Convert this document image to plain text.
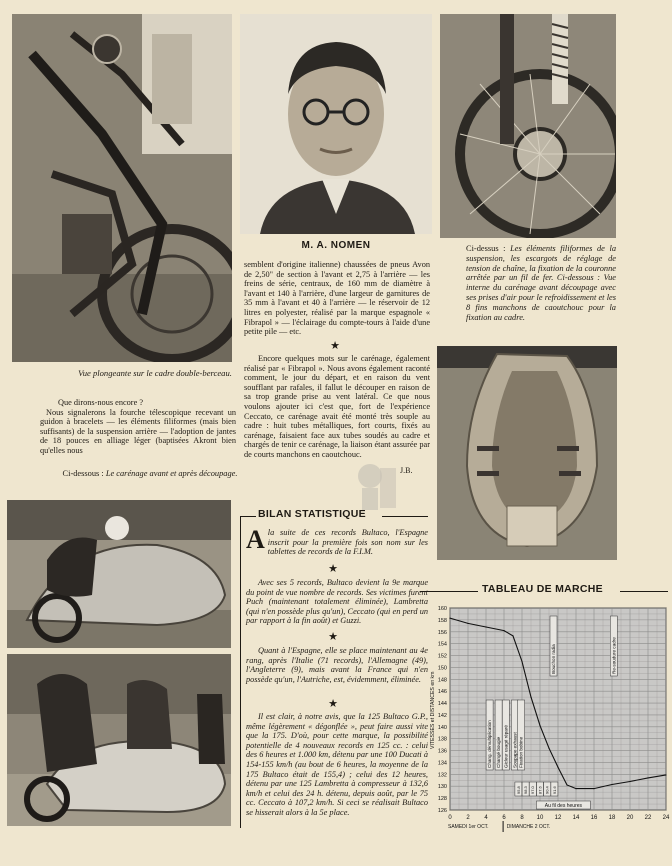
Vue plongeante sur le cadre double-berceau.
Que dirons-nous encore ?
Nous signalerons la fourche télescopique recevant un guidon à bracelets — les éléments filiformes (mais bien suffisants) de la suspension arrière — l'adoption de jantes de 18 pouces en alliage léger (baptisées Akront bien qu'elles nous
Ci-dessous : Le carénage avant et après découpage.
M. A. NOMEN
semblent d'origine italienne) chaussées de pneus Avon de 2,50" de section à l'avant et 2,75 à l'arrière — les freins de série, centraux, de 160 mm de diamètre à l'avant et 140 à l'arrière, d'une largeur de garnitures de 35 mm à l'avant et 40 à l'arrière — le réservoir de 12 litres en polyester, réalisé par la marque espagnole « Fibrapol » — l'éclairage du compte-tours à l'aide d'une petite pile — etc.
★
Encore quelques mots sur le carénage, également réalisé par « Fibrapol ». Nous avons également raconté comment, le jour du départ, et en raison du vent soufflant par rafales, il fallut le découper en raison de sa trop grande prise au vent latéral. Ce que nous voulons ajouter ici c'est que, fort de l'expérience Ceccato, ce carénage avait été monté très souple au cadre : huit tubes métalliques, fort courts, fixés au carénage, faisaient face aux tubes soudés au cadre et chargés de tenir ce carénage, la liaison étant assurée par de courts manchons en caoutchouc.
J.B.
BILAN STATISTIQUE
A la suite de ces records Bultaco, l'Espagne inscrit pour la première fois son nom sur les tablettes de records de la F.I.M.
★
Avec ses 5 records, Bultaco devient la 9e marque du point de vue nombre de records. Ses victimes furent Puch (maintenant totalement éliminée), Lambretta (qui n'en possède plus qu'un), Ceccato (qui en perd un par rapport à la fin août) et Guzzi.
★
Quant à l'Espagne, elle se place maintenant au 4e rang, après l'Italie (71 records), l'Allemagne (49), l'Angleterre (9), mais avant la France qui n'en possède qu'un, l'Autriche, est, évidemment, éliminée.
★
Il est clair, à notre avis, que la 125 Bultaco G.P., même légèrement « dégonflée », peut faire aussi vite que la 175. D'où, pour cette marque, la possibilité potentielle de 4 nouveaux records en 125 cc. : celui des 6 heures et 1.000 km, détenu par une 100 Ducati à 154-155 km/h (au bout de 6 heures, la moyenne de la 175 Bultaco était de 155,4) ; celui des 12 heures, détenu par une 125 Lambretta à compresseur à 132,6 km/h et celui des 24 h. détenu, depuis août, par le 75 cc. Ceccato à 107,2 km/h. Si ceci se réalisait Bultaco se hisserait alors à la 5e place.
Ci-dessus : Les éléments filiformes de la suspension, les escargots de réglage de tension de chaîne, la fixation de la couronne arrêtée par un fil de fer. Ci-dessous : Vue interne du carénage avant découpage avec ses prises d'air pour le refroidissement et les 8 fins manchons de caoutchouc pour la fixation au cadre.
TABLEAU DE MARCHE
160
158
156
154
152
150
148
146
144
142
140
138
136
134
132
130
128
126
0 2 4 6 8 10 12 14 16 18 20 22 24
SAMEDI 1er OCT.	DIMANCHE 2 OCT.
VITESSES et DISTANCES en km	Chang. démultiplication Changé bougie Gicleur usagé réparé Soupape exhaust Fixation bobine
Bouchon radia	Re-soudure cadre
Au fil des heures
95.8 98.3 97.0 87.6 90.4 91.6
